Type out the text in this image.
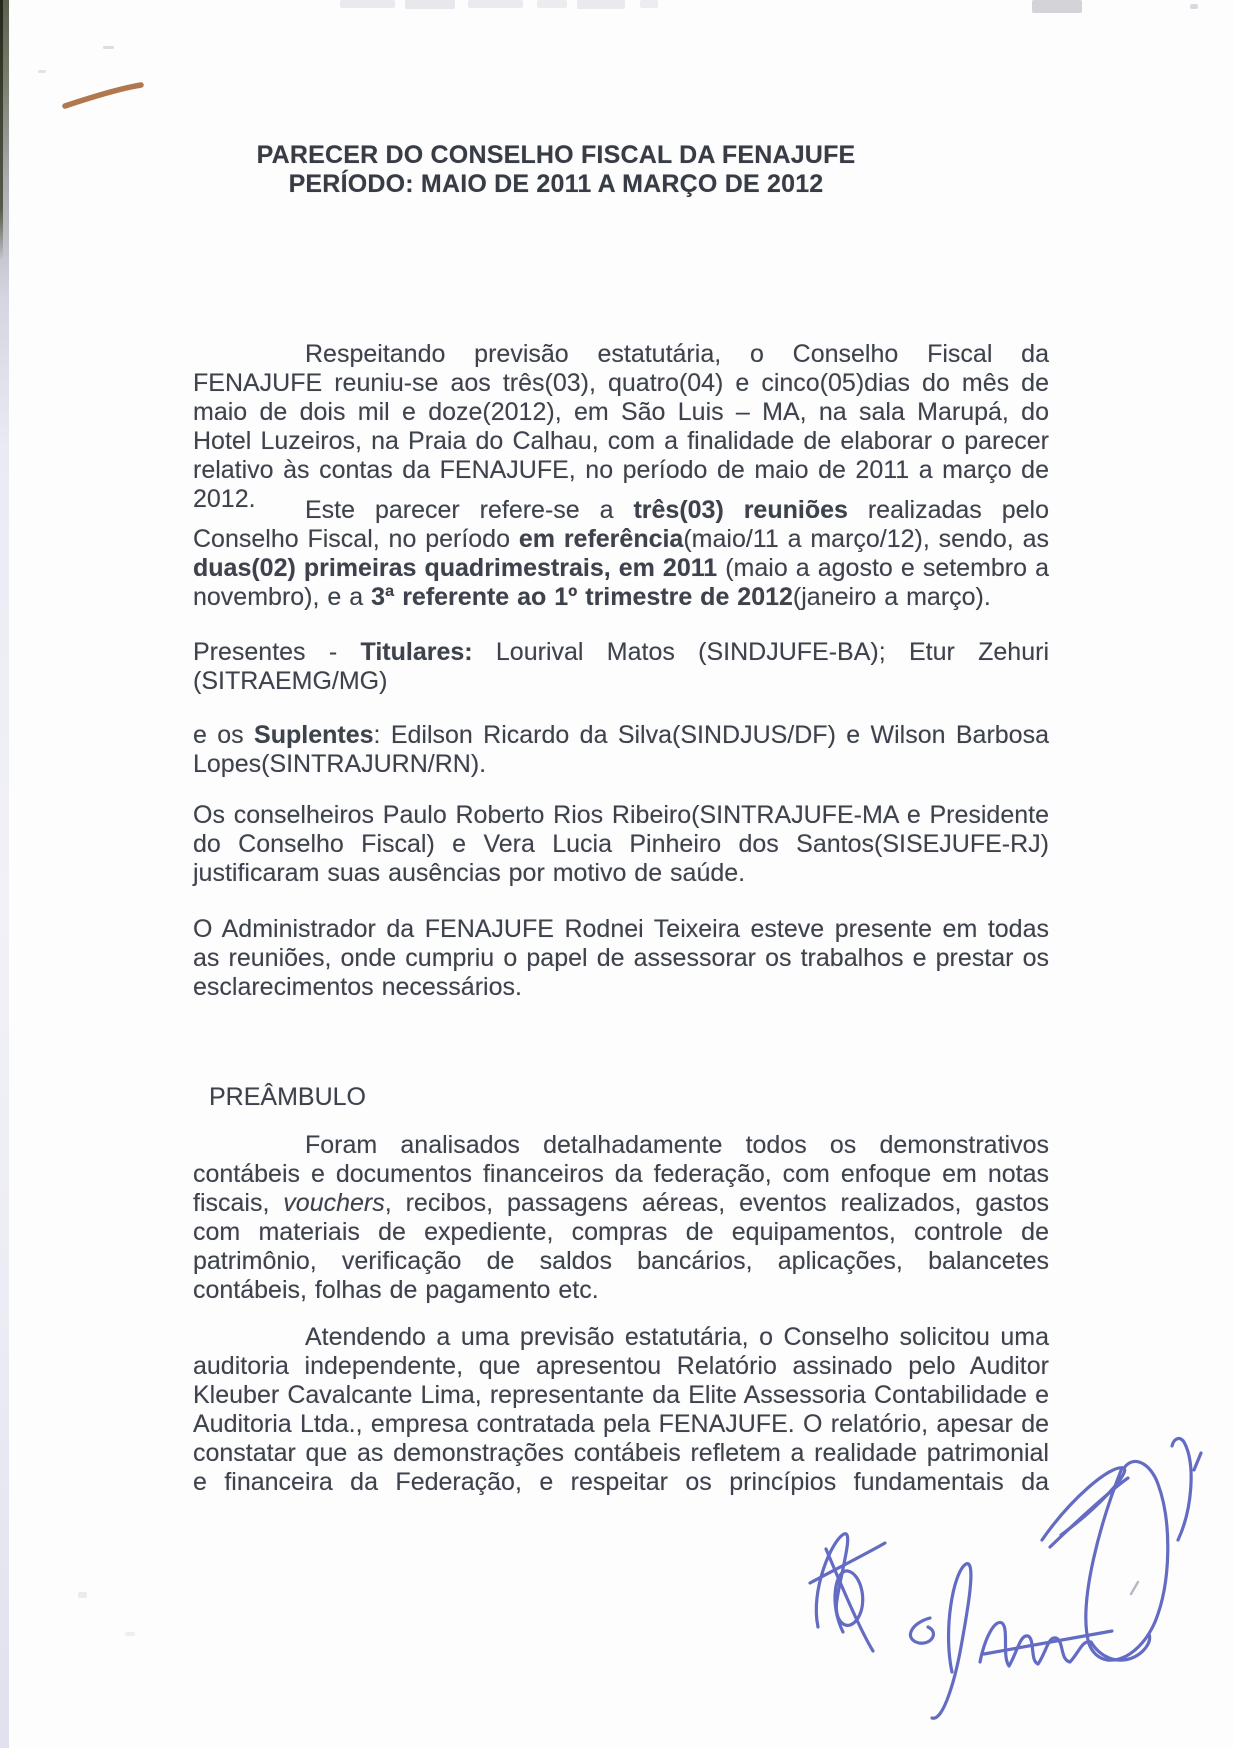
PARECER DO CONSELHO FISCAL DA FENAJUFE
PERÍODO: MAIO DE 2011 A MARÇO DE 2012

Respeitando previsão estatutária, o Conselho Fiscal da FENAJUFE reuniu-se aos três(03), quatro(04) e cinco(05)dias do mês de maio de dois mil e doze(2012), em São Luis – MA, na sala Marupá, do Hotel Luzeiros, na Praia do Calhau, com a finalidade de elaborar o parecer relativo às contas da FENAJUFE, no período de maio de 2011 a março de 2012.	Este parecer refere-se a três(03) reuniões realizadas pelo Conselho Fiscal, no período em referência(maio/11 a março/12), sendo, as duas(02) primeiras quadrimestrais, em 2011 (maio a agosto e setembro a novembro), e a 3ª referente ao 1º trimestre de 2012(janeiro a março).

Presentes - Titulares: Lourival Matos (SINDJUFE-BA); Etur Zehuri (SITRAEMG/MG)

e os Suplentes: Edilson Ricardo da Silva(SINDJUS/DF) e Wilson Barbosa Lopes(SINTRAJURN/RN).

Os conselheiros Paulo Roberto Rios Ribeiro(SINTRAJUFE-MA e Presidente do Conselho Fiscal) e Vera Lucia Pinheiro dos Santos(SISEJUFE-RJ) justificaram suas ausências por motivo de saúde.

O Administrador da FENAJUFE Rodnei Teixeira esteve presente em todas as reuniões, onde cumpriu o papel de assessorar os trabalhos e prestar os esclarecimentos necessários.

Foram analisados detalhadamente todos os demonstrativos contábeis e documentos financeiros da federação, com enfoque em notas fiscais, vouchers, recibos, passagens aéreas, eventos realizados, gastos com materiais de expediente, compras de equipamentos, controle de patrimônio, verificação de saldos bancários, aplicações, balancetes contábeis, folhas de pagamento etc.

Atendendo a uma previsão estatutária, o Conselho solicitou uma auditoria independente, que apresentou Relatório assinado pelo Auditor Kleuber Cavalcante Lima, representante da Elite Assessoria Contabilidade e Auditoria Ltda., empresa contratada pela FENAJUFE. O relatório, apesar de constatar que as demonstrações contábeis refletem a realidade patrimonial e financeira da Federação, e respeitar os princípios fundamentais da

PREÂMBULO
